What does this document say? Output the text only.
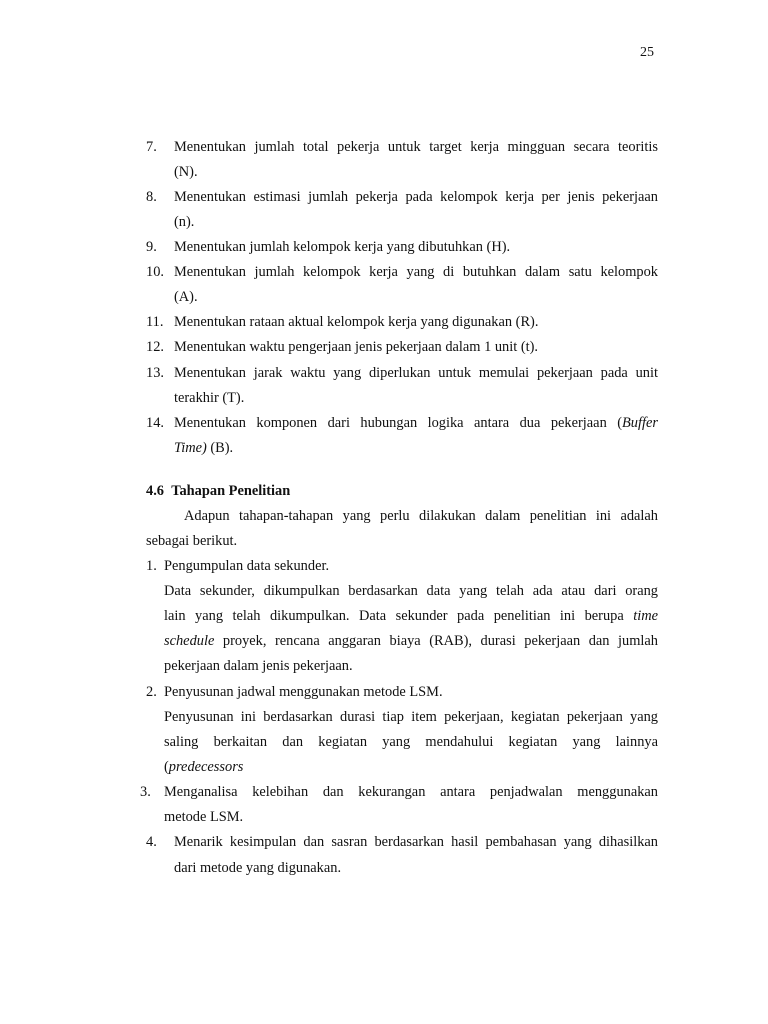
25
7. Menentukan jumlah total pekerja untuk target kerja mingguan secara teoritis
(N).
8. Menentukan estimasi jumlah pekerja pada kelompok kerja per jenis pekerjaan
(n).
9. Menentukan jumlah kelompok kerja yang dibutuhkan (H).
10. Menentukan jumlah kelompok kerja yang di butuhkan dalam satu kelompok
(A).
11. Menentukan rataan aktual kelompok kerja yang digunakan (R).
12. Menentukan waktu pengerjaan jenis pekerjaan dalam 1 unit (t).
13. Menentukan jarak waktu yang diperlukan untuk memulai pekerjaan pada unit
terakhir (T).
14. Menentukan komponen dari hubungan logika antara dua pekerjaan (Buffer
Time) (B).
4.6 Tahapan Penelitian
Adapun tahapan-tahapan yang perlu dilakukan dalam penelitian ini adalah
sebagai berikut.
1. Pengumpulan data sekunder.
Data sekunder, dikumpulkan berdasarkan data yang telah ada atau dari orang
lain yang telah dikumpulkan. Data sekunder pada penelitian ini berupa time
schedule proyek, rencana anggaran biaya (RAB), durasi pekerjaan dan jumlah
pekerjaan dalam jenis pekerjaan.
2. Penyusunan jadwal menggunakan metode LSM.
Penyusunan ini berdasarkan durasi tiap item pekerjaan, kegiatan pekerjaan yang
saling berkaitan dan kegiatan yang mendahului kegiatan yang lainnya
(predecessors
3. Menganalisa kelebihan dan kekurangan antara penjadwalan menggunakan
metode LSM.
4. Menarik kesimpulan dan sasran berdasarkan hasil pembahasan yang dihasilkan
dari metode yang digunakan.
